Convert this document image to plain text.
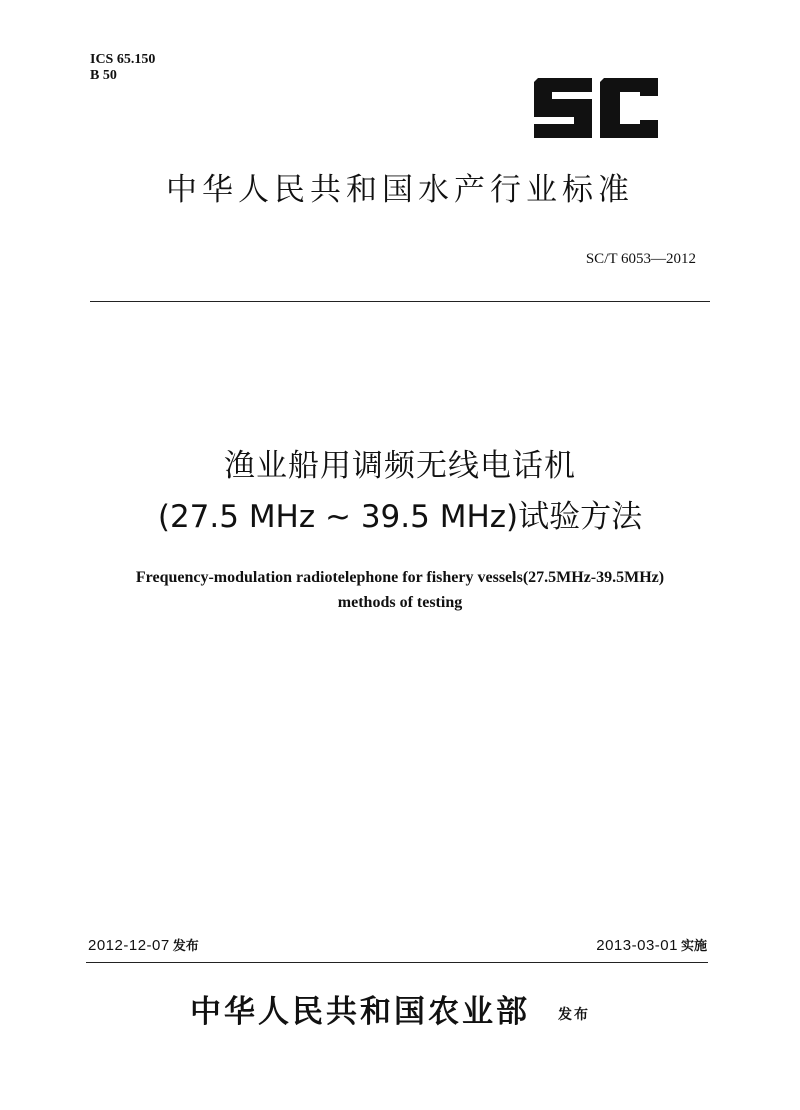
ICS 65.150
B 50
中华人民共和国水产行业标准
SC/T 6053—2012
渔业船用调频无线电话机
(27.5 MHz ~ 39.5 MHz)试验方法
Frequency-modulation radiotelephone for fishery vessels(27.5MHz-39.5MHz)
methods of testing
2012-12-07 发布	2013-03-01 实施
中华人民共和国农业部 发布
